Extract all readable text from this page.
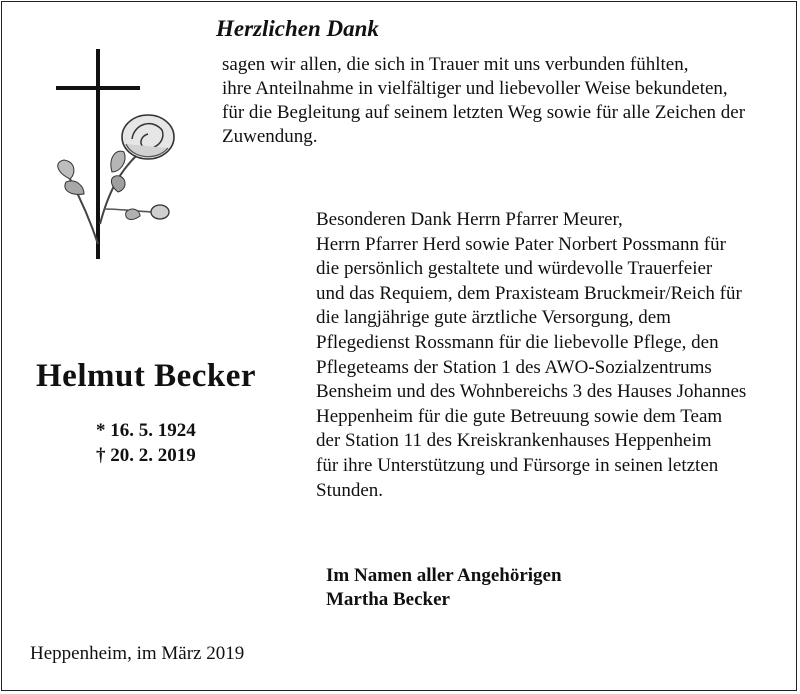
Herzlichen Dank
sagen wir allen, die sich in Trauer mit uns verbunden fühlten,
ihre Anteilnahme in vielfältiger und liebevoller Weise bekundeten,
für die Begleitung auf seinem letzten Weg sowie für alle Zeichen der
Zuwendung.
Helmut Becker
* 16. 5. 1924
† 20. 2. 2019
Besonderen Dank Herrn Pfarrer Meurer,
Herrn Pfarrer Herd sowie Pater Norbert Possmann für
die persönlich gestaltete und würdevolle Trauerfeier
und das Requiem, dem Praxisteam Bruckmeir/Reich für
die langjährige gute ärztliche Versorgung, dem
Pflegedienst Rossmann für die liebevolle Pflege, den
Pflegeteams der Station 1 des AWO-Sozialzentrums
Bensheim und des Wohnbereichs 3 des Hauses Johannes
Heppenheim für die gute Betreuung sowie dem Team
der Station 11 des Kreiskrankenhauses Heppenheim
für ihre Unterstützung und Fürsorge in seinen letzten
Stunden.
Im Namen aller Angehörigen
Martha Becker
Heppenheim, im März 2019
